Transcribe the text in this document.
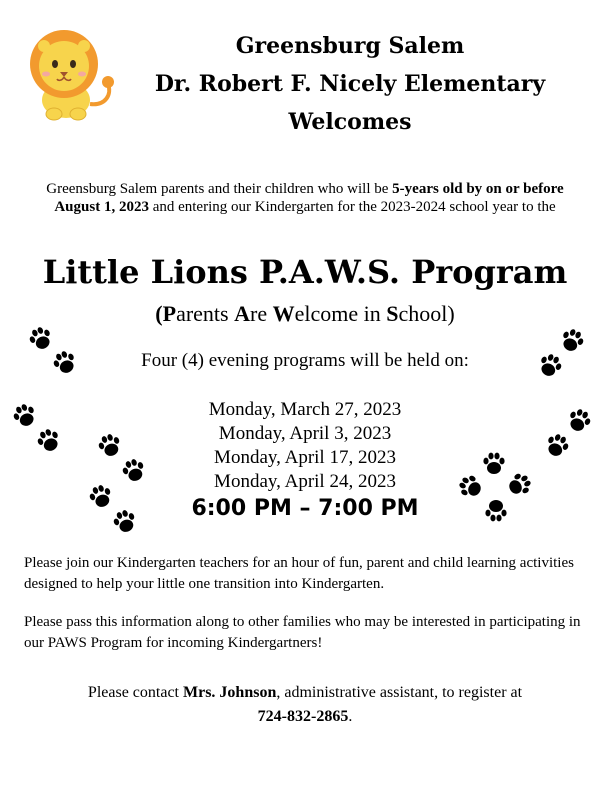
Greensburg Salem
Dr. Robert F. Nicely Elementary
Welcomes
Greensburg Salem parents and their children who will be 5-years old by on or before August 1, 2023 and entering our Kindergarten for the 2023-2024 school year to the
Little Lions P.A.W.S. Program
(Parents Are Welcome in School)
Four (4) evening programs will be held on:
Monday, March 27, 2023
Monday, April 3, 2023
Monday, April 17, 2023
Monday, April 24, 2023
6:00 PM – 7:00 PM
Please join our Kindergarten teachers for an hour of fun, parent and child learning activities designed to help your little one transition into Kindergarten.
Please pass this information along to other families who may be interested in participating in our PAWS Program for incoming Kindergartners!
Please contact Mrs. Johnson, administrative assistant, to register at
724-832-2865.
